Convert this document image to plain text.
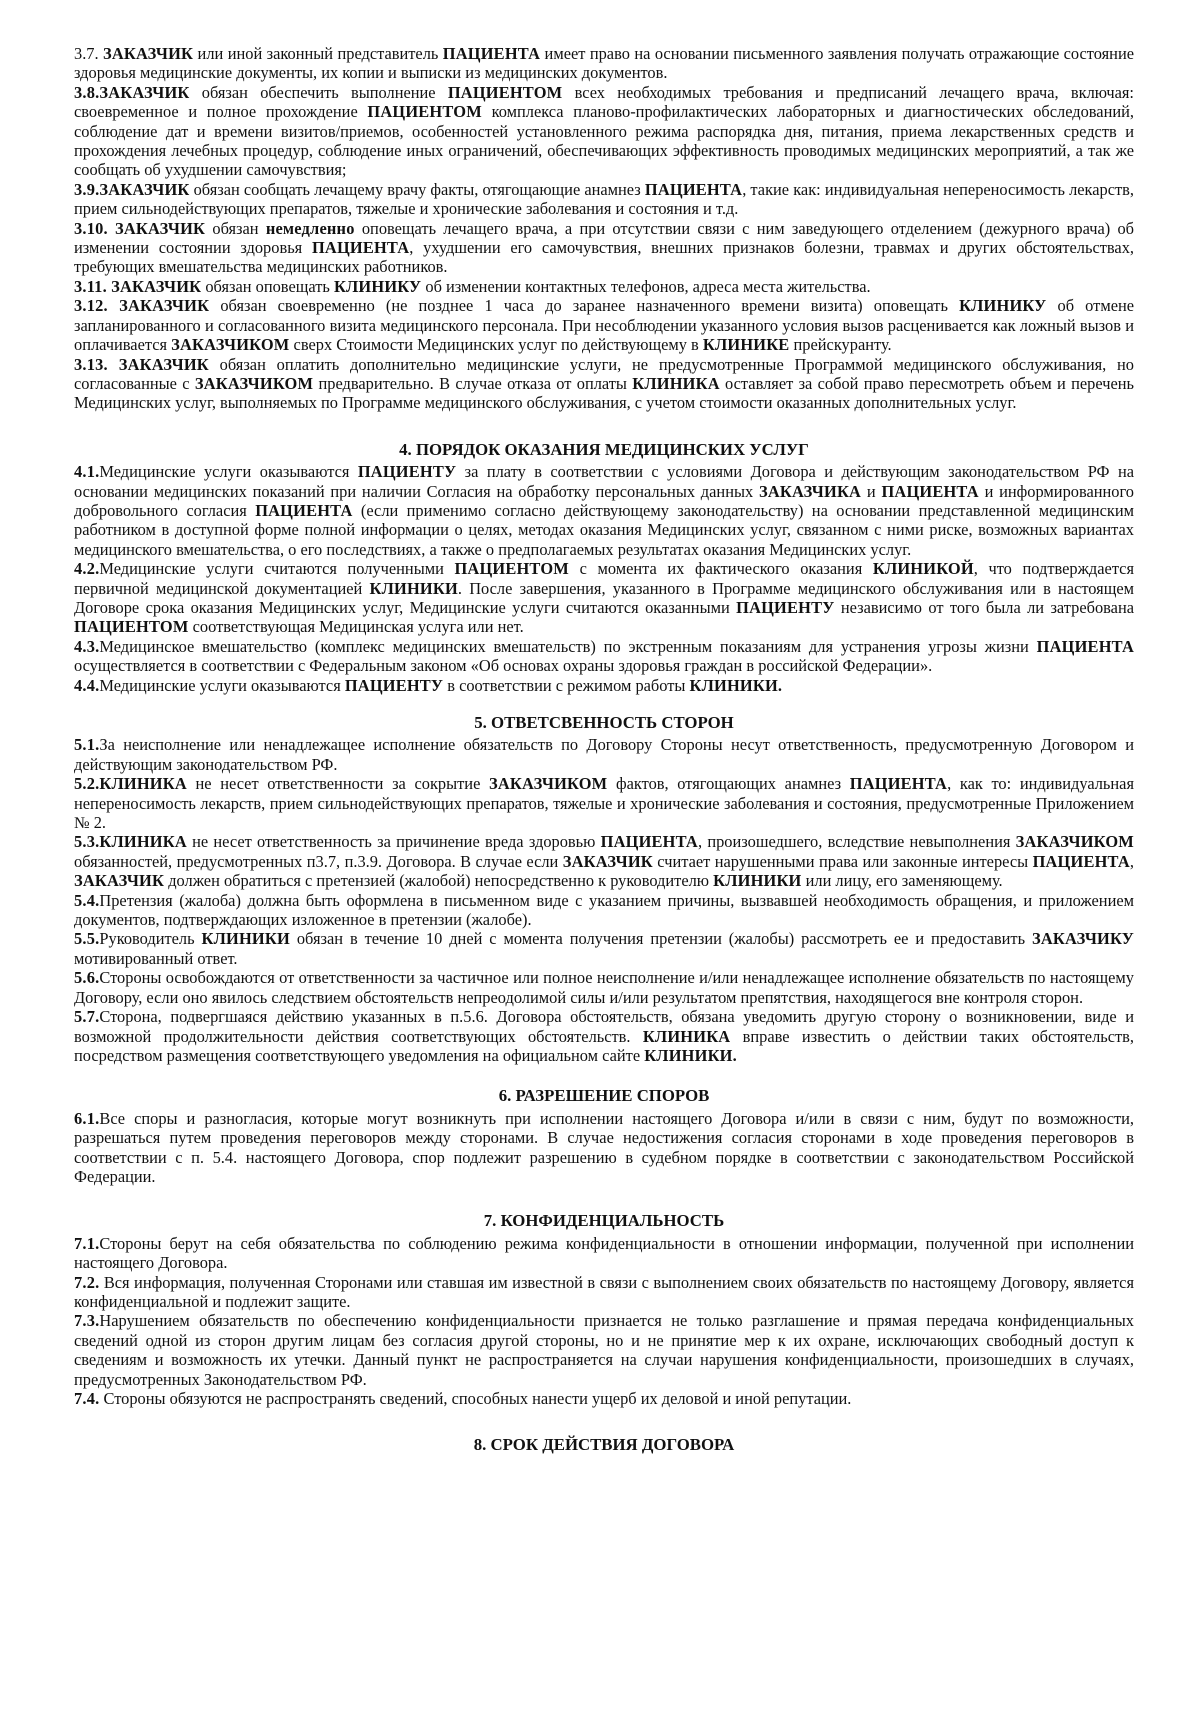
3.7. ЗАКАЗЧИК или иной законный представитель ПАЦИЕНТА имеет право на основании письменного заявления получать отражающие состояние здоровья медицинские документы, их копии и выписки из медицинских документов.

3.8.ЗАКАЗЧИК обязан обеспечить выполнение ПАЦИЕНТОМ всех необходимых требования и предписаний лечащего врача, включая: своевременное и полное прохождение ПАЦИЕНТОМ комплекса планово-профилактических лабораторных и диагностических обследований, соблюдение дат и времени визитов/приемов, особенностей установленного режима распорядка дня, питания, приема лекарственных средств и прохождения лечебных процедур, соблюдение иных ограничений, обеспечивающих эффективность проводимых медицинских мероприятий, а так же сообщать об ухудшении самочувствия;

3.9.ЗАКАЗЧИК обязан сообщать лечащему врачу факты, отягощающие анамнез ПАЦИЕНТА, такие как: индивидуальная непереносимость лекарств, прием сильнодействующих препаратов, тяжелые и хронические заболевания и состояния и т.д.

3.10. ЗАКАЗЧИК обязан немедленно оповещать лечащего врача, а при отсутствии связи с ним заведующего отделением (дежурного врача) об изменении состоянии здоровья ПАЦИЕНТА, ухудшении его самочувствия, внешних признаков болезни, травмах и других обстоятельствах, требующих вмешательства медицинских работников.

3.11. ЗАКАЗЧИК обязан оповещать КЛИНИКУ об изменении контактных телефонов, адреса места жительства.

3.12. ЗАКАЗЧИК обязан своевременно (не позднее 1 часа до заранее назначенного времени визита) оповещать КЛИНИКУ об отмене запланированного и согласованного визита медицинского персонала. При несоблюдении указанного условия вызов расценивается как ложный вызов и оплачивается ЗАКАЗЧИКОМ сверх Стоимости Медицинских услуг по действующему в КЛИНИКЕ прейскуранту.

3.13. ЗАКАЗЧИК обязан оплатить дополнительно медицинские услуги, не предусмотренные Программой медицинского обслуживания, но согласованные с ЗАКАЗЧИКОМ предварительно. В случае отказа от оплаты КЛИНИКА оставляет за собой право пересмотреть объем и перечень Медицинских услуг, выполняемых по Программе медицинского обслуживания, с учетом стоимости оказанных дополнительных услуг.

4. ПОРЯДОК ОКАЗАНИЯ МЕДИЦИНСКИХ УСЛУГ

4.1.Медицинские услуги оказываются ПАЦИЕНТУ за плату в соответствии с условиями Договора и действующим законодательством РФ на основании медицинских показаний при наличии Согласия на обработку персональных данных ЗАКАЗЧИКА и ПАЦИЕНТА и информированного добровольного согласия ПАЦИЕНТА (если применимо согласно действующему законодательству) на основании представленной медицинским работником в доступной форме полной информации о целях, методах оказания Медицинских услуг, связанном с ними риске, возможных вариантах медицинского вмешательства, о его последствиях, а также о предполагаемых результатах оказания Медицинских услуг.

4.2.Медицинские услуги считаются полученными ПАЦИЕНТОМ с момента их фактического оказания КЛИНИКОЙ, что подтверждается первичной медицинской документацией КЛИНИКИ. После завершения, указанного в Программе медицинского обслуживания или в настоящем Договоре срока оказания Медицинских услуг, Медицинские услуги считаются оказанными ПАЦИЕНТУ независимо от того была ли затребована ПАЦИЕНТОМ соответствующая Медицинская услуга или нет.

4.3.Медицинское вмешательство (комплекс медицинских вмешательств) по экстренным показаниям для устранения угрозы жизни ПАЦИЕНТА осуществляется в соответствии с Федеральным законом «Об основах охраны здоровья граждан в российской Федерации».

4.4.Медицинские услуги оказываются ПАЦИЕНТУ в соответствии с режимом работы КЛИНИКИ.

5. ОТВЕТСВЕННОСТЬ СТОРОН

5.1.За неисполнение или ненадлежащее исполнение обязательств по Договору Стороны несут ответственность, предусмотренную Договором и действующим законодательством РФ.

5.2.КЛИНИКА не несет ответственности за сокрытие ЗАКАЗЧИКОМ фактов, отягощающих анамнез ПАЦИЕНТА, как то: индивидуальная непереносимость лекарств, прием сильнодействующих препаратов, тяжелые и хронические заболевания и состояния, предусмотренные Приложением № 2.

5.3.КЛИНИКА не несет ответственность за причинение вреда здоровью ПАЦИЕНТА, произошедшего, вследствие невыполнения ЗАКАЗЧИКОМ обязанностей, предусмотренных п3.7, п.3.9. Договора. В случае если ЗАКАЗЧИК считает нарушенными права или законные интересы ПАЦИЕНТА, ЗАКАЗЧИК должен обратиться с претензией (жалобой) непосредственно к руководителю КЛИНИКИ или лицу, его заменяющему.

5.4.Претензия (жалоба) должна быть оформлена в письменном виде с указанием причины, вызвавшей необходимость обращения, и приложением документов, подтверждающих изложенное в претензии (жалобе).

5.5.Руководитель КЛИНИКИ обязан в течение 10 дней с момента получения претензии (жалобы) рассмотреть ее и предоставить ЗАКАЗЧИКУ мотивированный ответ.

5.6.Стороны освобождаются от ответственности за частичное или полное неисполнение и/или ненадлежащее исполнение обязательств по настоящему Договору, если оно явилось следствием обстоятельств непреодолимой силы и/или результатом препятствия, находящегося вне контроля сторон.

5.7.Сторона, подвергшаяся действию указанных в п.5.6. Договора обстоятельств, обязана уведомить другую сторону о возникновении, виде и возможной продолжительности действия соответствующих обстоятельств. КЛИНИКА вправе известить о действии таких обстоятельств, посредством размещения соответствующего уведомления на официальном сайте КЛИНИКИ.

6. РАЗРЕШЕНИЕ СПОРОВ

6.1.Все споры и разногласия, которые могут возникнуть при исполнении настоящего Договора и/или в связи с ним, будут по возможности, разрешаться путем проведения переговоров между сторонами. В случае недостижения согласия сторонами в ходе проведения переговоров в соответствии с п. 5.4. настоящего Договора, спор подлежит разрешению в судебном порядке в соответствии с законодательством Российской Федерации.

7. КОНФИДЕНЦИАЛЬНОСТЬ

7.1.Стороны берут на себя обязательства по соблюдению режима конфиденциальности в отношении информации, полученной при исполнении настоящего Договора.

7.2. Вся информация, полученная Сторонами или ставшая им известной в связи с выполнением своих обязательств по настоящему Договору, является конфиденциальной и подлежит защите.

7.3.Нарушением обязательств по обеспечению конфиденциальности признается не только разглашение и прямая передача конфиденциальных сведений одной из сторон другим лицам без согласия другой стороны, но и не принятие мер к их охране, исключающих свободный доступ к сведениям и возможность их утечки. Данный пункт не распространяется на случаи нарушения конфиденциальности, произошедших в случаях, предусмотренных Законодательством РФ.

7.4. Стороны обязуются не распространять сведений, способных нанести ущерб их деловой и иной репутации.

8. СРОК ДЕЙСТВИЯ ДОГОВОРА
